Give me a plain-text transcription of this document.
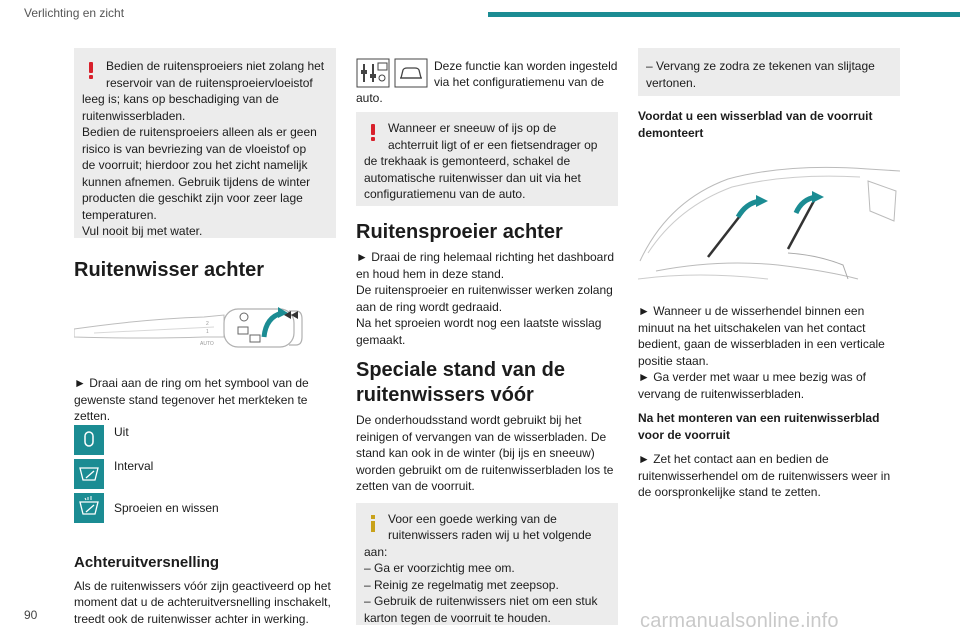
Verlichting en zicht
Bedien de ruitensproeiers niet zolang het
reservoir van de ruitensproeiervloeistof
leeg is; kans op beschadiging van de
ruitenwisserbladen.
Bedien de ruitensproeiers alleen als er geen
risico is van bevriezing van de vloeistof op
de voorruit; hierdoor zou het zicht namelijk
kunnen afnemen. Gebruik tijdens de winter
producten die geschikt zijn voor zeer lage
temperaturen.
Vul nooit bij met water.
Ruitenwisser achter
2
1
AUTO
► Draai aan de ring om het symbool van de
gewenste stand tegenover het merkteken te
zetten.
Uit
Interval
Sproeien en wissen
Achteruitversnelling
Als de ruitenwissers vóór zijn geactiveerd op het
moment dat u de achteruitversnelling inschakelt,
treedt ook de ruitenwisser achter in werking.
Deze functie kan worden ingesteld
via het configuratiemenu van de
auto.
Wanneer er sneeuw of ijs op de
achterruit ligt of er een fietsendrager op
de trekhaak is gemonteerd, schakel de
automatische ruitenwisser dan uit via het
configuratiemenu van de auto.
Ruitensproeier achter
► Draai de ring helemaal richting het dashboard
en houd hem in deze stand.
De ruitensproeier en ruitenwisser werken zolang
aan de ring wordt gedraaid.
Na het sproeien wordt nog een laatste wisslag
gemaakt.
Speciale stand van de
ruitenwissers vóór
De onderhoudsstand wordt gebruikt bij het
reinigen of vervangen van de wisserbladen. De
stand kan ook in de winter (bij ijs en sneeuw)
worden gebruikt om de ruitenwisserbladen los te
zetten van de voorruit.
Voor een goede werking van de
ruitenwissers raden wij u het volgende
aan:
– Ga er voorzichtig mee om.
– Reinig ze regelmatig met zeepsop.
– Gebruik de ruitenwissers niet om een stuk
karton tegen de voorruit te houden.
– Vervang ze zodra ze tekenen van slijtage
vertonen.
Voordat u een wisserblad van de voorruit
demonteert
► Wanneer u de wisserhendel binnen een
minuut na het uitschakelen van het contact
bedient, gaan de wisserbladen in een verticale
positie staan.
► Ga verder met waar u mee bezig was of
vervang de ruitenwisserbladen.
Na het monteren van een ruitenwisserblad
voor de voorruit
► Zet het contact aan en bedien de
ruitenwisserhendel om de ruitenwissers weer in
de oorspronkelijke stand te zetten.
90	carmanualsonline.info
